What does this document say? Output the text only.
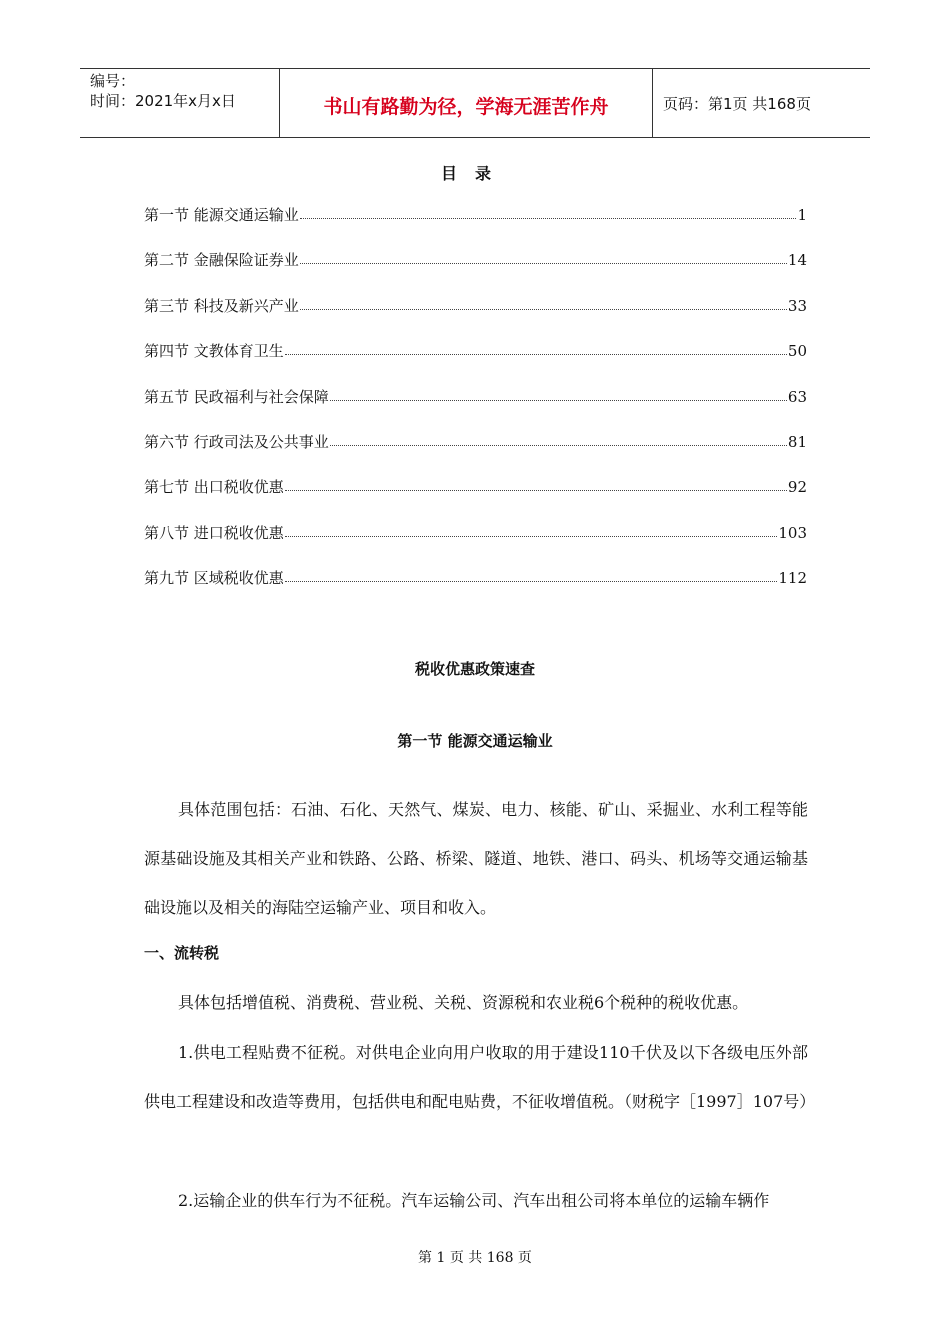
编号：
时间：2021年x月x日	书山有路勤为径，学海无涯苦作舟	页码：第1页 共168页
目录
第一节 能源交通运输业	1
第二节 金融保险证券业	14
第三节 科技及新兴产业	33
第四节 文教体育卫生	50
第五节 民政福利与社会保障	63
第六节 行政司法及公共事业	81
第七节 出口税收优惠	92
第八节 进口税收优惠	103
第九节 区域税收优惠	112
税收优惠政策速查
第一节 能源交通运输业

具体范围包括：石油、石化、天然气、煤炭、电力、核能、矿山、采掘业、水利工程等能源基础设施及其相关产业和铁路、公路、桥梁、隧道、地铁、港口、码头、机场等交通运输基础设施以及相关的海陆空运输产业、项目和收入。

一、流转税

具体包括增值税、消费税、营业税、关税、资源税和农业税6个税种的税收优惠。

1.供电工程贴费不征税。对供电企业向用户收取的用于建设110千伏及以下各级电压外部供电工程建设和改造等费用，包括供电和配电贴费，不征收增值税。（财税字［1997］107号）

2.运输企业的供车行为不征税。汽车运输公司、汽车出租公司将本单位的运输车辆作

第 1 页 共 168 页
